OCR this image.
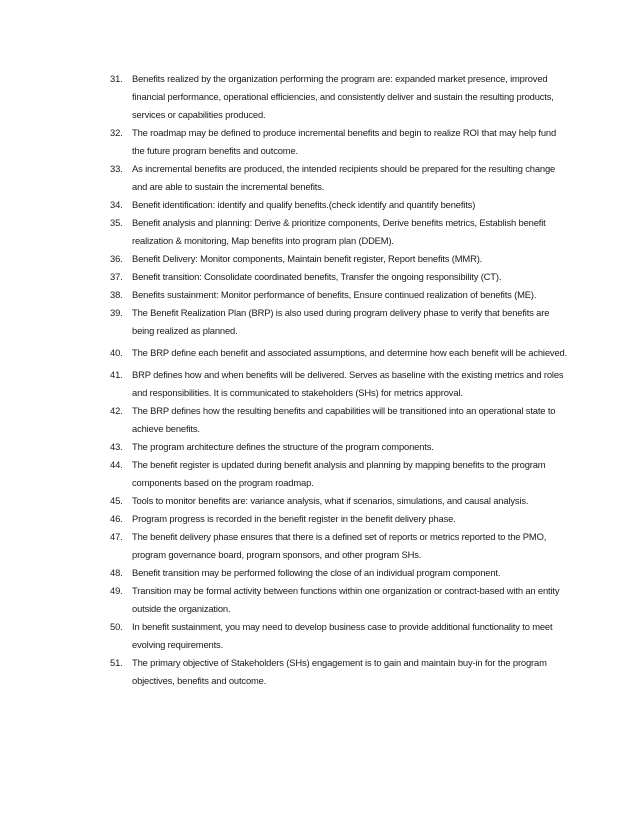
31.	Benefits realized by the organization performing the program are: expanded market presence, improved financial performance, operational efficiencies, and consistently deliver and sustain the resulting products, services or capabilities produced.
32.	The roadmap may be defined to produce incremental benefits and begin to realize ROI that may help fund the future program benefits and outcome.
33.	As incremental benefits are produced, the intended recipients should be prepared for the resulting change and are able to sustain the incremental benefits.
34.	Benefit identification: identify and qualify benefits.(check identify and quantify benefits)
35.	Benefit analysis and planning: Derive & prioritize components, Derive benefits metrics, Establish benefit realization & monitoring, Map benefits into program plan (DDEM).
36.	Benefit Delivery: Monitor components, Maintain benefit register, Report benefits (MMR).
37.	Benefit transition: Consolidate coordinated benefits, Transfer the ongoing responsibility (CT).
38.	Benefits sustainment: Monitor performance of benefits, Ensure continued realization of benefits (ME).
39.	The Benefit Realization Plan (BRP) is also used during program delivery phase to verify that benefits are being realized as planned.
40.	The BRP define each benefit and associated assumptions, and determine how each benefit will be achieved.
41.	BRP defines how and when benefits will be delivered. Serves as baseline with the existing metrics and roles and responsibilities. It is communicated to stakeholders (SHs) for metrics approval.
42.	The BRP defines how the resulting benefits and capabilities will be transitioned into an operational state to achieve benefits.
43.	The program architecture defines the structure of the program components.
44.	The benefit register is updated during benefit analysis and planning by mapping benefits to the program components based on the program roadmap.
45.	Tools to monitor benefits are: variance analysis, what if scenarios, simulations, and causal analysis.
46.	Program progress is recorded in the benefit register in the benefit delivery phase.
47.	The benefit delivery phase ensures that there is a defined set of reports or metrics reported to the PMO, program governance board, program sponsors, and other program SHs.
48.	Benefit transition may be performed following the close of an individual program component.
49.	Transition may be formal activity between functions within one organization or contract-based with an entity outside the organization.
50.	In benefit sustainment, you may need to develop business case to provide additional functionality to meet evolving requirements.
51.	The primary objective of Stakeholders (SHs) engagement is to gain and maintain buy-in for the program objectives, benefits and outcome.
